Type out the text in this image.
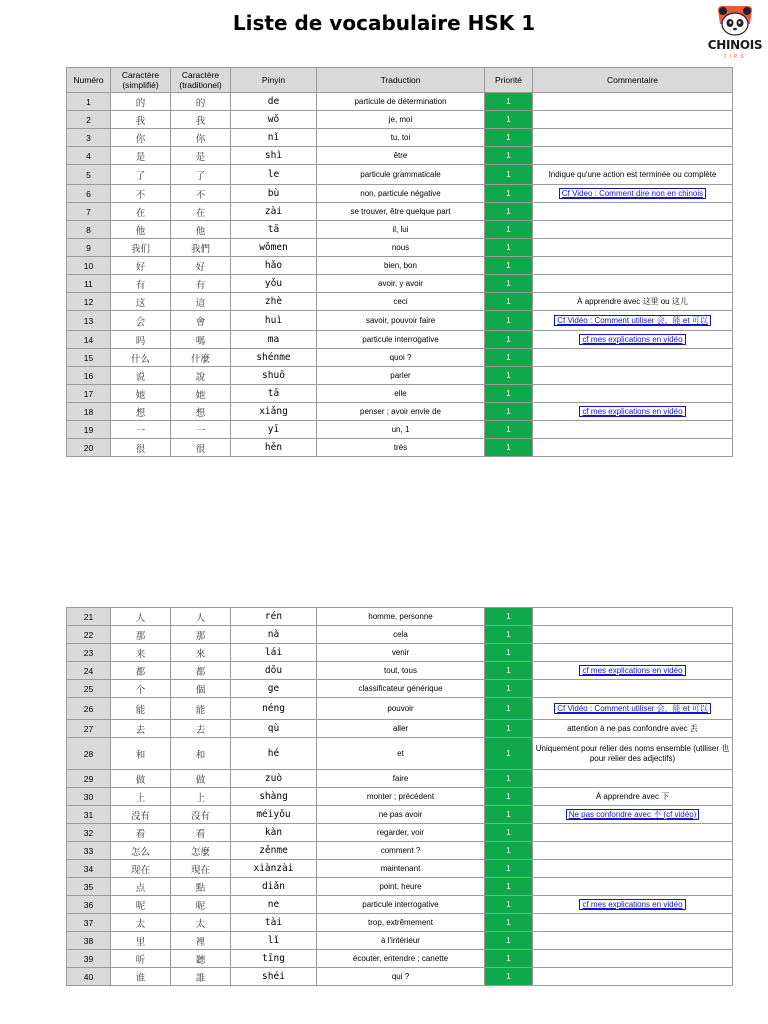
Liste de vocabulaire HSK 1
CHINOIS
TIPS
Numéro	Caractère (simplifié)	Caractère (traditionel)	Pinyin	Traduction	Priorité	Commentaire
1	的	的	de	particule de détermination	1	
2	我	我	wǒ	je, moi	1	
3	你	你	nǐ	tu, toi	1	
4	是	是	shì	être	1	
5	了	了	le	particule grammaticale	1	Indique qu'une action est terminée ou complète
6	不	不	bù	non, particule négative	1	Cf Video : Comment dire non en chinois
7	在	在	zài	se trouver, être quelque part	1	
8	他	他	tā	il, lui	1	
9	我们	我們	wǒmen	nous	1	
10	好	好	hǎo	bien, bon	1	
11	有	有	yǒu	avoir, y avoir	1	
12	这	這	zhè	ceci	1	À apprendre avec 这里 ou 这儿
13	会	會	huì	savoir, pouvoir faire	1	Cf Vidéo : Comment utiliser 会，能 et 可以
14	吗	嗎	ma	particule interrogative	1	cf mes explications en vidéo
15	什么	什麼	shénme	quoi ?	1	
16	说	說	shuō	parler	1	
17	她	她	tā	elle	1	
18	想	想	xiǎng	penser ; avoir envie de	1	cf mes explications en vidéo
19	一	一	yī	un, 1	1	
20	很	很	hěn	très	1	
21	人	人	rén	homme, personne	1	
22	那	那	nà	cela	1	
23	来	來	lái	venir	1	
24	都	都	dōu	tout, tous	1	cf mes explications en vidéo
25	个	個	ge	classificateur générique	1	
26	能	能	néng	pouvoir	1	Cf Vidéo : Comment utiliser 会，能 et 可以
27	去	去	qù	aller	1	attention à ne pas confondre avec 丢
28	和	和	hé	et	1	Uniquement pour relier des noms ensemble (utiliser 也 pour relier des adjectifs)
29	做	做	zuò	faire	1	
30	上	上	shàng	monter ; précédent	1	À apprendre avec 下
31	没有	沒有	méiyǒu	ne pas avoir	1	Ne pas confondre avec 不 (cf vidéo)
32	看	看	kàn	regarder, voir	1	
33	怎么	怎麼	zěnme	comment ?	1	
34	现在	現在	xiànzài	maintenant	1	
35	点	點	diǎn	point, heure	1	
36	呢	呢	ne	particule interrogative	1	cf mes explications en vidéo
37	太	太	tài	trop, extrêmement	1	
38	里	裡	lǐ	à l'intérieur	1	
39	听	聽	tīng	écouter, entendre ; canette	1	
40	谁	誰	shéi	qui ?	1	
